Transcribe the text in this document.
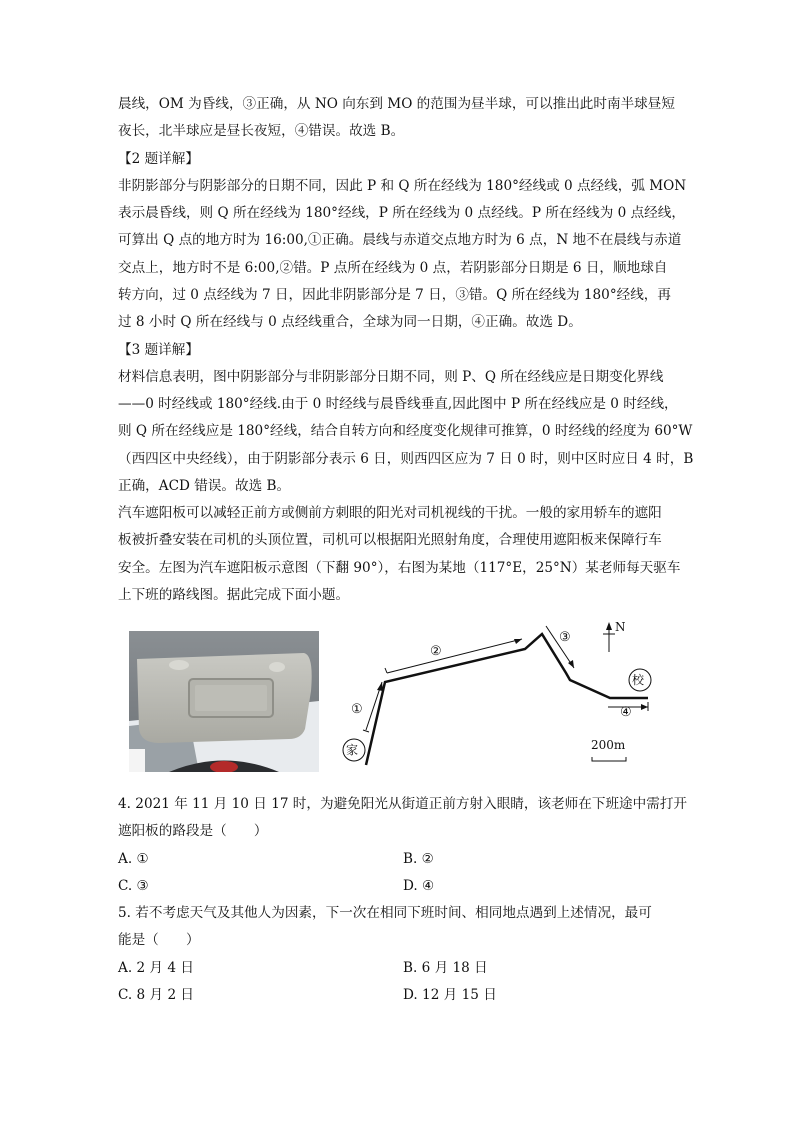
晨线，OM 为昏线，③正确，从 NO 向东到 MO 的范围为昼半球，可以推出此时南半球昼短
夜长，北半球应是昼长夜短，④错误。故选 B。
【2 题详解】
非阴影部分与阴影部分的日期不同，因此 P 和 Q 所在经线为 180°经线或 0 点经线，弧 MON
表示晨昏线，则 Q 所在经线为 180°经线，P 所在经线为 0 点经线。P 所在经线为 0 点经线，
可算出 Q 点的地方时为 16:00,①正确。晨线与赤道交点地方时为 6 点，N 地不在晨线与赤道
交点上，地方时不是 6:00,②错。P 点所在经线为 0 点，若阴影部分日期是 6 日，顺地球自
转方向，过 0 点经线为 7 日，因此非阴影部分是 7 日，③错。Q 所在经线为 180°经线，再
过 8 小时 Q 所在经线与 0 点经线重合，全球为同一日期，④正确。故选 D。
【3 题详解】
材料信息表明，图中阴影部分与非阴影部分日期不同，则 P、Q 所在经线应是日期变化界线
——0 时经线或 180°经线.由于 0 时经线与晨昏线垂直,因此图中 P 所在经线应是 0 时经线，
则 Q 所在经线应是 180°经线，结合自转方向和经度变化规律可推算，0 时经线的经度为 60°W
（西四区中央经线），由于阴影部分表示 6 日，则西四区应为 7 日 0 时，则中区时应日 4 时，B
正确，ACD 错误。故选 B。
汽车遮阳板可以减轻正前方或侧前方刺眼的阳光对司机视线的干扰。一般的家用轿车的遮阳
板被折叠安装在司机的头顶位置，司机可以根据阳光照射角度，合理使用遮阳板来保障行车
安全。左图为汽车遮阳板示意图（下翻 90°），右图为某地（117°E，25°N）某老师每天驱车
上下班的路线图。据此完成下面小题。
N
校
家	200m
①
②
③
④
4. 2021 年 11 月 10 日 17 时，为避免阳光从街道正前方射入眼睛，该老师在下班途中需打开
遮阳板的路段是（　　）
A. ①	B. ②
C. ③	D. ④
5. 若不考虑天气及其他人为因素，下一次在相同下班时间、相同地点遇到上述情况，最可
能是（　　）
A. 2 月 4 日	B. 6 月 18 日
C. 8 月 2 日	D. 12 月 15 日
